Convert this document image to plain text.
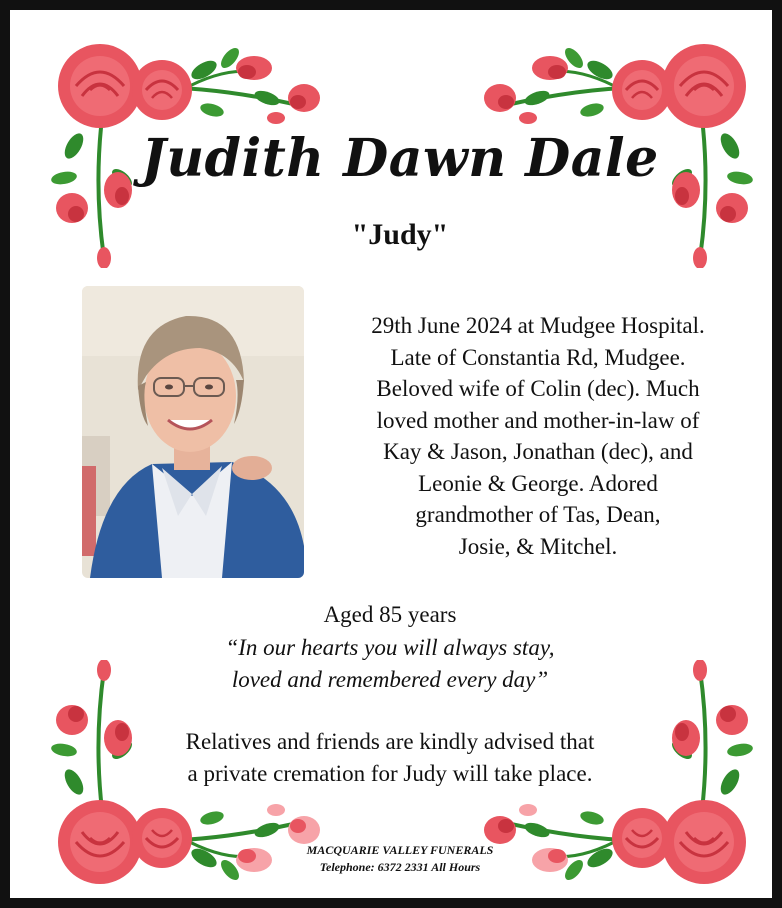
Judith Dawn Dale
"Judy"
29th June 2024 at Mudgee Hospital.
Late of Constantia Rd, Mudgee.
Beloved wife of Colin (dec). Much
loved mother and mother-in-law of
Kay & Jason, Jonathan (dec), and
Leonie & George. Adored
grandmother of Tas, Dean,
Josie, & Mitchel.
Aged 85 years
“In our hearts you will always stay,
loved and remembered every day”
Relatives and friends are kindly advised that
a private cremation for Judy will take place.
MACQUARIE VALLEY FUNERALS
Telephone: 6372 2331 All Hours
